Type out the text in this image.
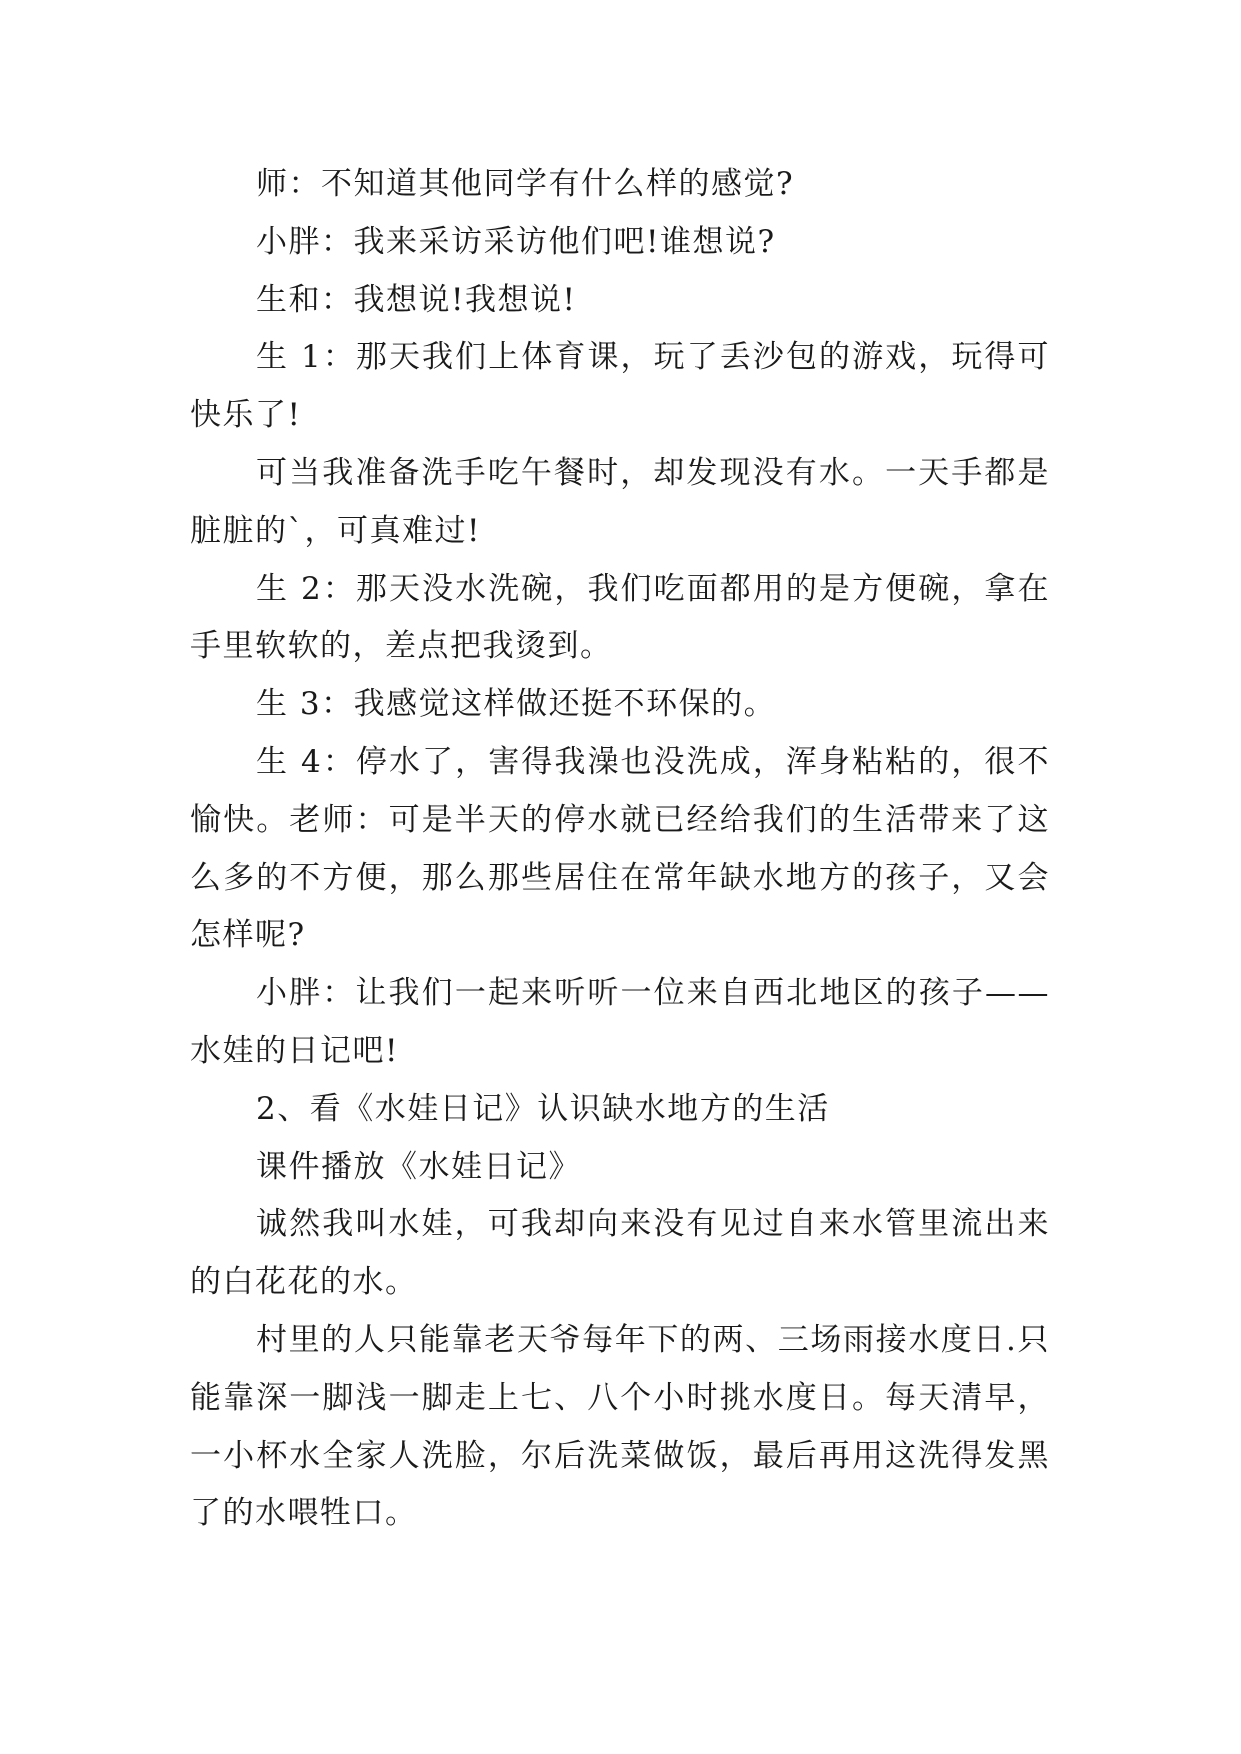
师：不知道其他同学有什么样的感觉?

小胖：我来采访采访他们吧!谁想说?

生和：我想说!我想说!

生 1：那天我们上体育课，玩了丢沙包的游戏，玩得可快乐了!

可当我准备洗手吃午餐时，却发现没有水。一天手都是脏脏的`，可真难过!

生 2：那天没水洗碗，我们吃面都用的是方便碗，拿在手里软软的，差点把我烫到。

生 3：我感觉这样做还挺不环保的。

生 4：停水了，害得我澡也没洗成，浑身粘粘的，很不愉快。老师：可是半天的停水就已经给我们的生活带来了这么多的不方便，那么那些居住在常年缺水地方的孩子，又会怎样呢?

小胖：让我们一起来听听一位来自西北地区的孩子——水娃的日记吧!

2、看《水娃日记》认识缺水地方的生活

课件播放《水娃日记》

诚然我叫水娃，可我却向来没有见过自来水管里流出来的白花花的水。

村里的人只能靠老天爷每年下的两、三场雨接水度日.只能靠深一脚浅一脚走上七、八个小时挑水度日。每天清早，一小杯水全家人洗脸，尔后洗菜做饭，最后再用这洗得发黑了的水喂牲口。
